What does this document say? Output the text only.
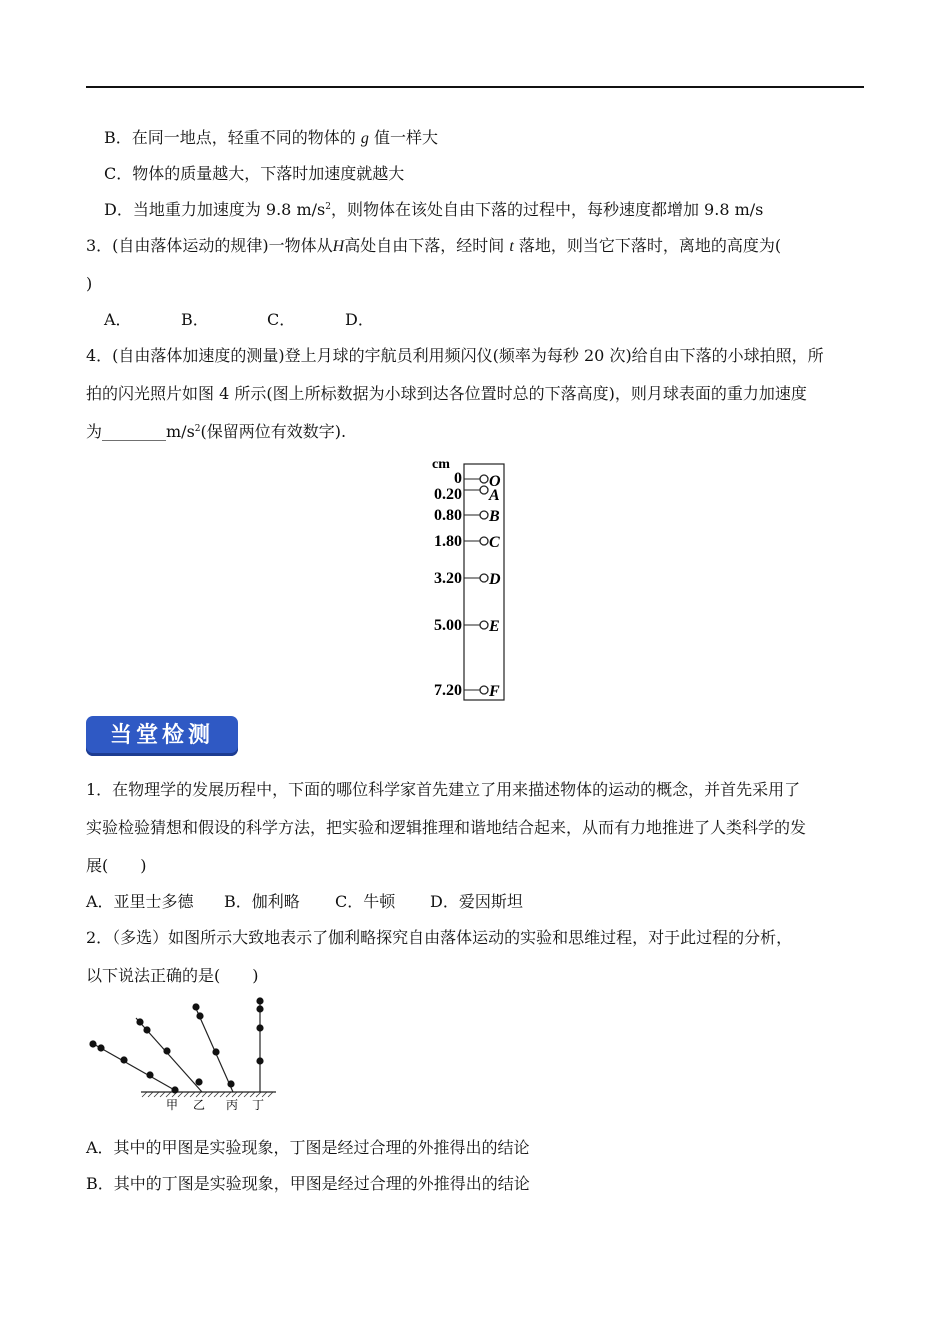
B．在同一地点，轻重不同的物体的 g 值一样大
C．物体的质量越大，下落时加速度就越大
D．当地重力加速度为 9.8 $m/s^2$，则物体在该处自由下落的过程中，每秒速度都增加 9.8 m/s
3．(自由落体运动的规律)一物体从H高处自由下落，经时间 t 落地，则当它下落时，离地的高度为(
)
A．	B．	C．	D．
4．(自由落体加速度的测量)登上月球的宇航员利用频闪仪(频率为每秒 20 次)给自由下落的小球拍照，所
拍的闪光照片如图 4 所示(图上所标数据为小球到达各位置时总的下落高度)，则月球表面的重力加速度
为$\_\_\_\_\_\_\_\_m/s^2$(保留两位有效数字).
cm
0 O
0.20 A
0.80 B
1.80 C
3.20 D
5.00 E
7.20 F
当堂检测
1．在物理学的发展历程中，下面的哪位科学家首先建立了用来描述物体的运动的概念，并首先采用了
实验检验猜想和假设的科学方法，把实验和逻辑推理和谐地结合起来，从而有力地推进了人类科学的发
展(　　)
A．亚里士多德 B．伽利略 C．牛顿 D．爱因斯坦
2．（多选）如图所示大致地表示了伽利略探究自由落体运动的实验和思维过程，对于此过程的分析，
以下说法正确的是(　　)
甲 乙 丙 丁
A．其中的甲图是实验现象，丁图是经过合理的外推得出的结论
B．其中的丁图是实验现象，甲图是经过合理的外推得出的结论
